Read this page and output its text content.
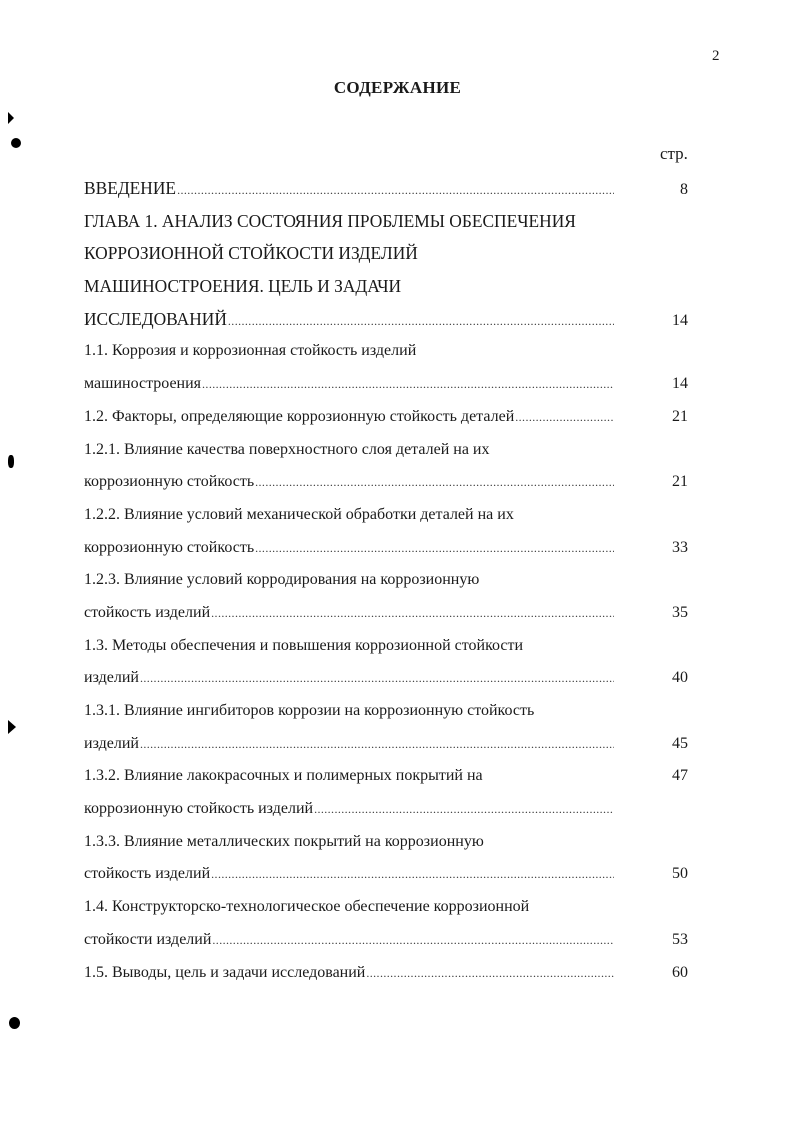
2
СОДЕРЖАНИЕ
стр.
ВВЕДЕНИЕ .....	8
ГЛАВА 1. АНАЛИЗ СОСТОЯНИЯ ПРОБЛЕМЫ ОБЕСПЕЧЕНИЯ
КОРРОЗИОННОЙ СТОЙКОСТИ ИЗДЕЛИЙ
МАШИНОСТРОЕНИЯ. ЦЕЛЬ И ЗАДАЧИ
ИССЛЕДОВАНИЙ .....	14
1.1. Коррозия и коррозионная стойкость изделий
машиностроения .....	14
1.2. Факторы, определяющие коррозионную стойкость деталей .....	21
1.2.1. Влияние качества поверхностного слоя деталей на их
коррозионную стойкость .....	21
1.2.2. Влияние условий механической обработки деталей на их
коррозионную стойкость .....	33
1.2.3. Влияние условий корродирования на коррозионную
стойкость изделий .....	35
1.3. Методы обеспечения и повышения коррозионной стойкости
изделий .....	40
1.3.1. Влияние ингибиторов коррозии на коррозионную стойкость
изделий .....	45
1.3.2. Влияние лакокрасочных и полимерных покрытий на	47
коррозионную стойкость изделий
.....
1.3.3. Влияние металлических покрытий на коррозионную
стойкость изделий .....	50
1.4. Конструкторско-технологическое обеспечение коррозионной
стойкости изделий .....	53
1.5. Выводы, цель и задачи исследований .....	60
